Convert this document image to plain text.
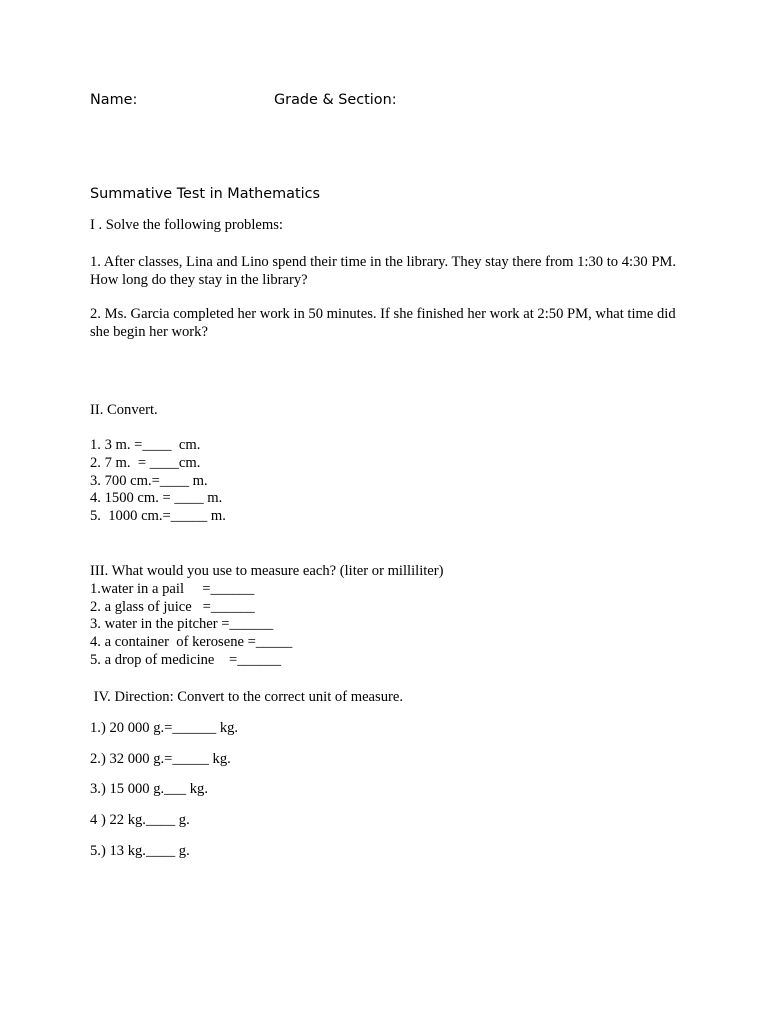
Name:	Grade & Section:
Summative Test in Mathematics
I . Solve the following problems:
1. After classes, Lina and Lino spend their time in the library. They stay there from 1:30 to 4:30 PM. How long do they stay in the library?
2. Ms. Garcia completed her work in 50 minutes. If she finished her work at 2:50 PM, what time did she begin her work?
II. Convert.
1. 3 m. =____  cm.
2. 7 m.  = ____cm.
3. 700 cm.=____ m.
4. 1500 cm. = ____ m.
5.  1000 cm.=_____ m.
III. What would you use to measure each? (liter or milliliter)
1.water in a pail     =______
2. a glass of juice   =______
3. water in the pitcher =______
4. a container  of kerosene =_____
5. a drop of medicine    =______
IV. Direction: Convert to the correct unit of measure.
1.) 20 000 g.=______ kg.
2.) 32 000 g.=_____ kg.
3.) 15 000 g.___ kg.
4 ) 22 kg.____ g.
5.) 13 kg.____ g.
